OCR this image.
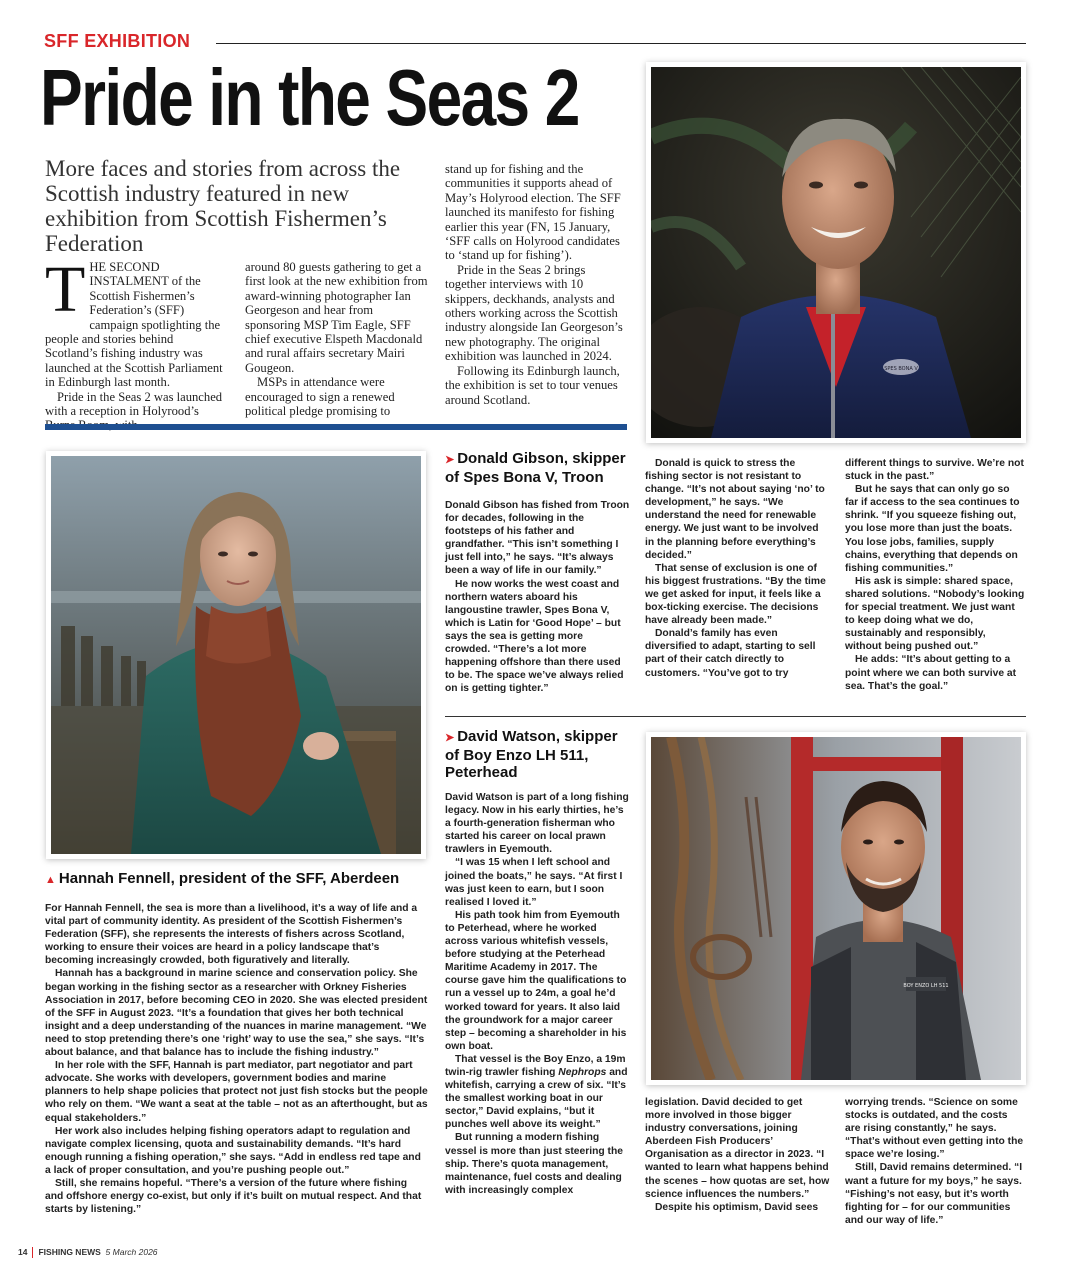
SFF EXHIBITION
Pride in the Seas 2
More faces and stories from across the Scottish industry featured in new exhibition from Scottish Fishermen’s Federation
T HE SECOND INSTALMENT of the Scottish Fishermen’s Federation’s (SFF) campaign spotlighting the people and stories behind Scotland’s fishing industry was launched at the Scottish Parliament in Edinburgh last month.

Pride in the Seas 2 was launched with a reception in Holyrood’s

around 80 guests gathering to get a first look at the new exhibition from award-winning photographer Ian Georgeson and hear from sponsoring MSP Tim Eagle, SFF chief executive Elspeth Macdonald and rural affairs secretary Mairi Gougeon.

MSPs in attendance were encouraged to sign a renewed political pledge promising to

stand up for fishing and the communities it supports ahead of May’s Holyrood election. The SFF launched its manifesto for fishing earlier this year (FN, 15 January, ‘SFF calls on Holyrood candidates to ‘stand up for fishing’).

Pride in the Seas 2 brings together interviews with 10 skippers, deckhands, analysts and others working across the Scottish industry alongside Ian Georgeson’s new photography. The original exhibition was launched in 2024.

Following its Edinburgh launch, the exhibition is set to tour venues around Scotland.

SPES BONA V
➤ Donald Gibson, skipper of Spes Bona V, Troon

Donald Gibson has fished from Troon for decades, following in the footsteps of his father and grandfather. “This isn’t something I just fell into,” he says. “It’s always been a way of life in our family.”

He now works the west coast and northern waters aboard his langoustine trawler, Spes Bona V, which is Latin for ‘Good Hope’ – but says the sea is getting more crowded. “There’s a lot more happening offshore than there used to be. The space we’ve always relied on is getting tighter.”

Donald is quick to stress the fishing sector is not resistant to change. “It’s not about saying ‘no’ to development,” he says. “We understand the need for renewable energy. We just want to be involved in the planning before everything’s decided.”

That sense of exclusion is one of his biggest frustrations. “By the time we get asked for input, it feels like a box-ticking exercise. The decisions have already been made.”

Donald’s family has even diversified to adapt, starting to sell part of their catch directly to customers. “You’ve got to try

different things to survive. We’re not stuck in the past.”

But he says that can only go so far if access to the sea continues to shrink. “If you squeeze fishing out, you lose more than just the boats. You lose jobs, families, supply chains, everything that depends on fishing communities.”

His ask is simple: shared space, shared solutions. “Nobody’s looking for special treatment. We just want to keep doing what we do, sustainably and responsibly, without being pushed out.”

He adds: “It’s about getting to a point where we can both survive at sea. That’s the goal.”

▲ Hannah Fennell, president of the SFF, Aberdeen

For Hannah Fennell, the sea is more than a livelihood, it’s a way of life and a vital part of community identity. As president of the Scottish Fishermen’s Federation (SFF), she represents the interests of fishers across Scotland, working to ensure their voices are heard in a policy landscape that’s becoming increasingly crowded, both figuratively and literally.

Hannah has a background in marine science and conservation policy. She began working in the fishing sector as a researcher with Orkney Fisheries Association in 2017, before becoming CEO in 2020. She was elected president of the SFF in August 2023. “It’s a foundation that gives her both technical insight and a deep understanding of the nuances in marine management. “We need to stop pretending there’s one ‘right’ way to use the sea,” she says. “It’s about balance, and that balance has to include the fishing industry.”

In her role with the SFF, Hannah is part mediator, part negotiator and part advocate. She works with developers, government bodies and marine planners to help shape policies that protect not just fish stocks but the people who rely on them. “We want a seat at the table – not as an afterthought, but as equal stakeholders.”

Her work also includes helping fishing operators adapt to regulation and navigate complex licensing, quota and sustainability demands. “It’s hard enough running a fishing operation,” she says. “Add in endless red tape and a lack of proper consultation, and you’re pushing people out.”

Still, she remains hopeful. “There’s a version of the future where fishing and offshore energy co-exist, but only if it’s built on mutual respect. And that starts by listening.”

➤ David Watson, skipper of Boy Enzo LH 511, Peterhead

David Watson is part of a long fishing legacy. Now in his early thirties, he’s a fourth-generation fisherman who started his career on local prawn trawlers in Eyemouth.

“I was 15 when I left school and joined the boats,” he says. “At first I was just keen to earn, but I soon realised I loved it.”

His path took him from Eyemouth to Peterhead, where he worked across various whitefish vessels, before studying at the Peterhead Maritime Academy in 2017. The course gave him the qualifications to run a vessel up to 24m, a goal he’d worked toward for years. It also laid the groundwork for a major career step – becoming a shareholder in his own boat.

That vessel is the Boy Enzo, a 19m twin-rig trawler fishing Nephrops and whitefish, carrying a crew of six. “It’s the smallest working boat in our sector,” David explains, “but it punches well above its weight.”

But running a modern fishing vessel is more than just steering the ship. There’s quota management, maintenance, fuel costs and dealing with increasingly complex

BOY ENZO LH 511

legislation. David decided to get more involved in those bigger industry conversations, joining Aberdeen Fish Producers’ Organisation as a director in 2023. “I wanted to learn what happens behind the scenes – how quotas are set, how science influences the numbers.”

Despite his optimism, David sees

worrying trends. “Science on some stocks is outdated, and the costs are rising constantly,” he says. “That’s without even getting into the space we’re losing.”

Still, David remains determined. “I want a future for my boys,” he says. “Fishing’s not easy, but it’s worth fighting for – for our communities and our way of life.”

14 FISHING NEWS 5 March 2026
